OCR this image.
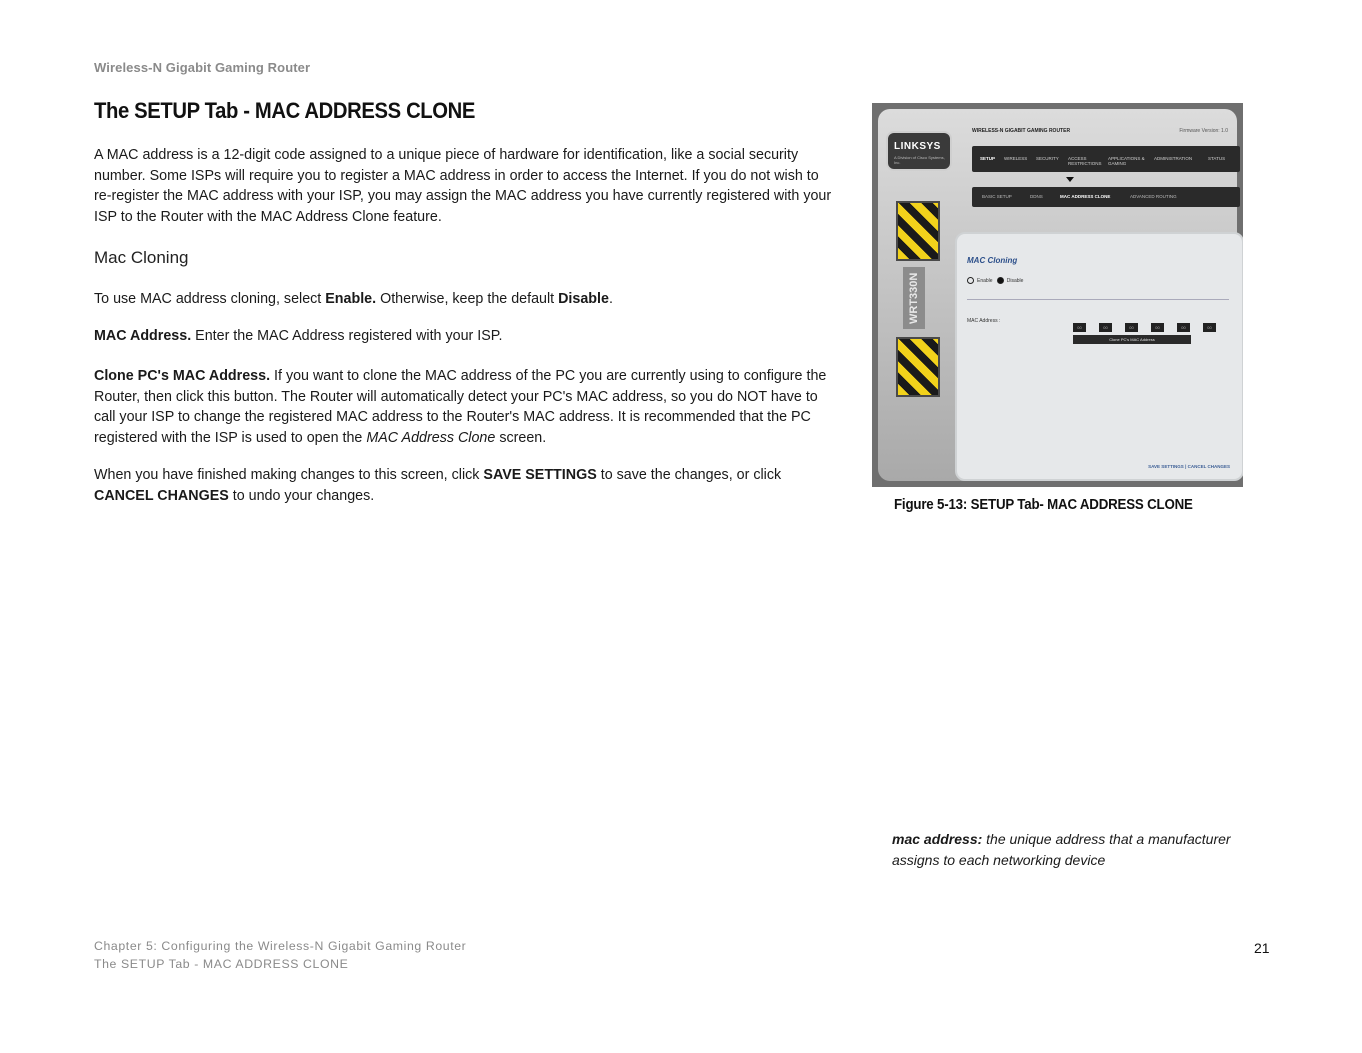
Wireless-N Gigabit Gaming Router
The SETUP Tab - MAC ADDRESS CLONE
A MAC address is a 12-digit code assigned to a unique piece of hardware for identification, like a social security number. Some ISPs will require you to register a MAC address in order to access the Internet. If you do not wish to re-register the MAC address with your ISP, you may assign the MAC address you have currently registered with your ISP to the Router with the MAC Address Clone feature.
Mac Cloning
To use MAC address cloning, select Enable. Otherwise, keep the default Disable.
MAC Address. Enter the MAC Address registered with your ISP.
Clone PC's MAC Address. If you want to clone the MAC address of the PC you are currently using to configure the Router, then click this button. The Router will automatically detect your PC's MAC address, so you do NOT have to call your ISP to change the registered MAC address to the Router's MAC address. It is recommended that the PC registered with the ISP is used to open the MAC Address Clone screen.
When you have finished making changes to this screen, click SAVE SETTINGS to save the changes, or click CANCEL CHANGES to undo your changes.
LINKSYS
A Division of Cisco Systems, Inc.
WRT330N
WIRELESS-N GIGABIT GAMING ROUTER	Firmware Version: 1.0
SETUP WIRELESS SECURITY ACCESS RESTRICTIONS
APPLICATIONS & GAMING
ADMINISTRATION	STATUS
BASIC SETUP	DDNS	MAC ADDRESS CLONE	ADVANCED ROUTING
MAC Cloning
Enable	Disable
MAC Address :
00	00	00	00	00	00
Clone PC's MAC Address
SAVE SETTINGS | CANCEL CHANGES
Figure 5-13: SETUP Tab- MAC ADDRESS CLONE
mac address: the unique address that a manufacturer assigns to each networking device
Chapter 5: Configuring the Wireless-N Gigabit Gaming Router
The SETUP Tab - MAC ADDRESS CLONE
21
